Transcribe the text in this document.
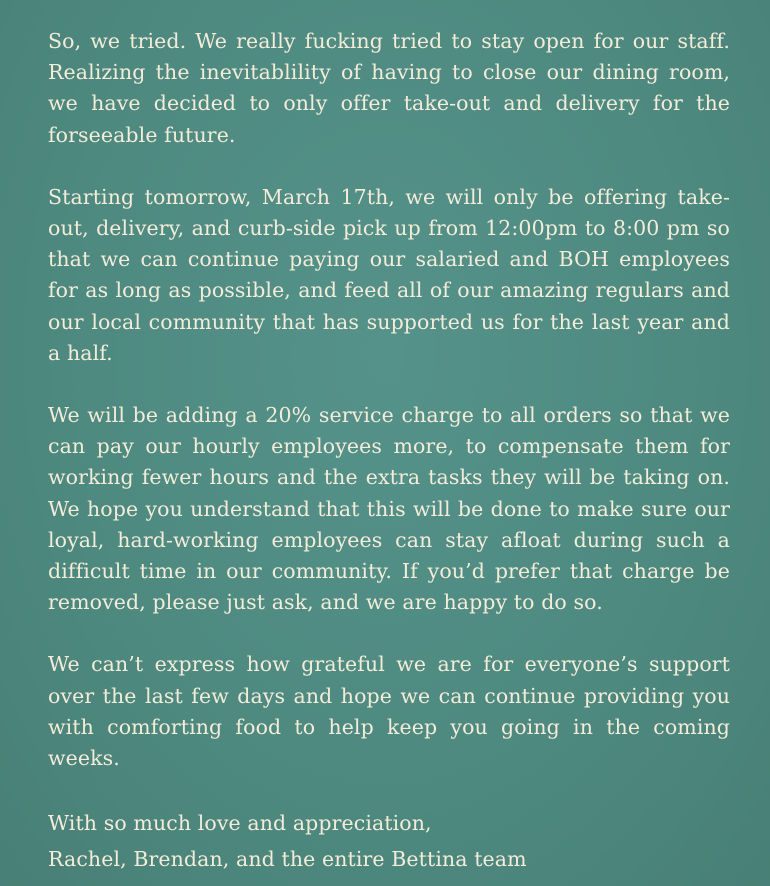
So, we tried. We really fucking tried to stay open for our staff. Realizing the inevitablility of having to close our dining room, we have decided to only offer take-out and delivery for the forseeable future.

Starting tomorrow, March 17th, we will only be offering take-out, delivery, and curb-side pick up from 12:00pm to 8:00 pm so that we can continue paying our salaried and BOH employees for as long as possible, and feed all of our amazing regulars and our local community that has supported us for the last year and a half.

We will be adding a 20% service charge to all orders so that we can pay our hourly employees more, to compensate them for working fewer hours and the extra tasks they will be taking on. We hope you understand that this will be done to make sure our loyal, hard-working employees can stay afloat during such a difficult time in our community. If you’d prefer that charge be removed, please just ask, and we are happy to do so.

We can’t express how grateful we are for everyone’s support over the last few days and hope we can continue providing you with comforting food to help keep you going in the coming weeks.

With so much love and appreciation,

Rachel, Brendan, and the entire Bettina team
